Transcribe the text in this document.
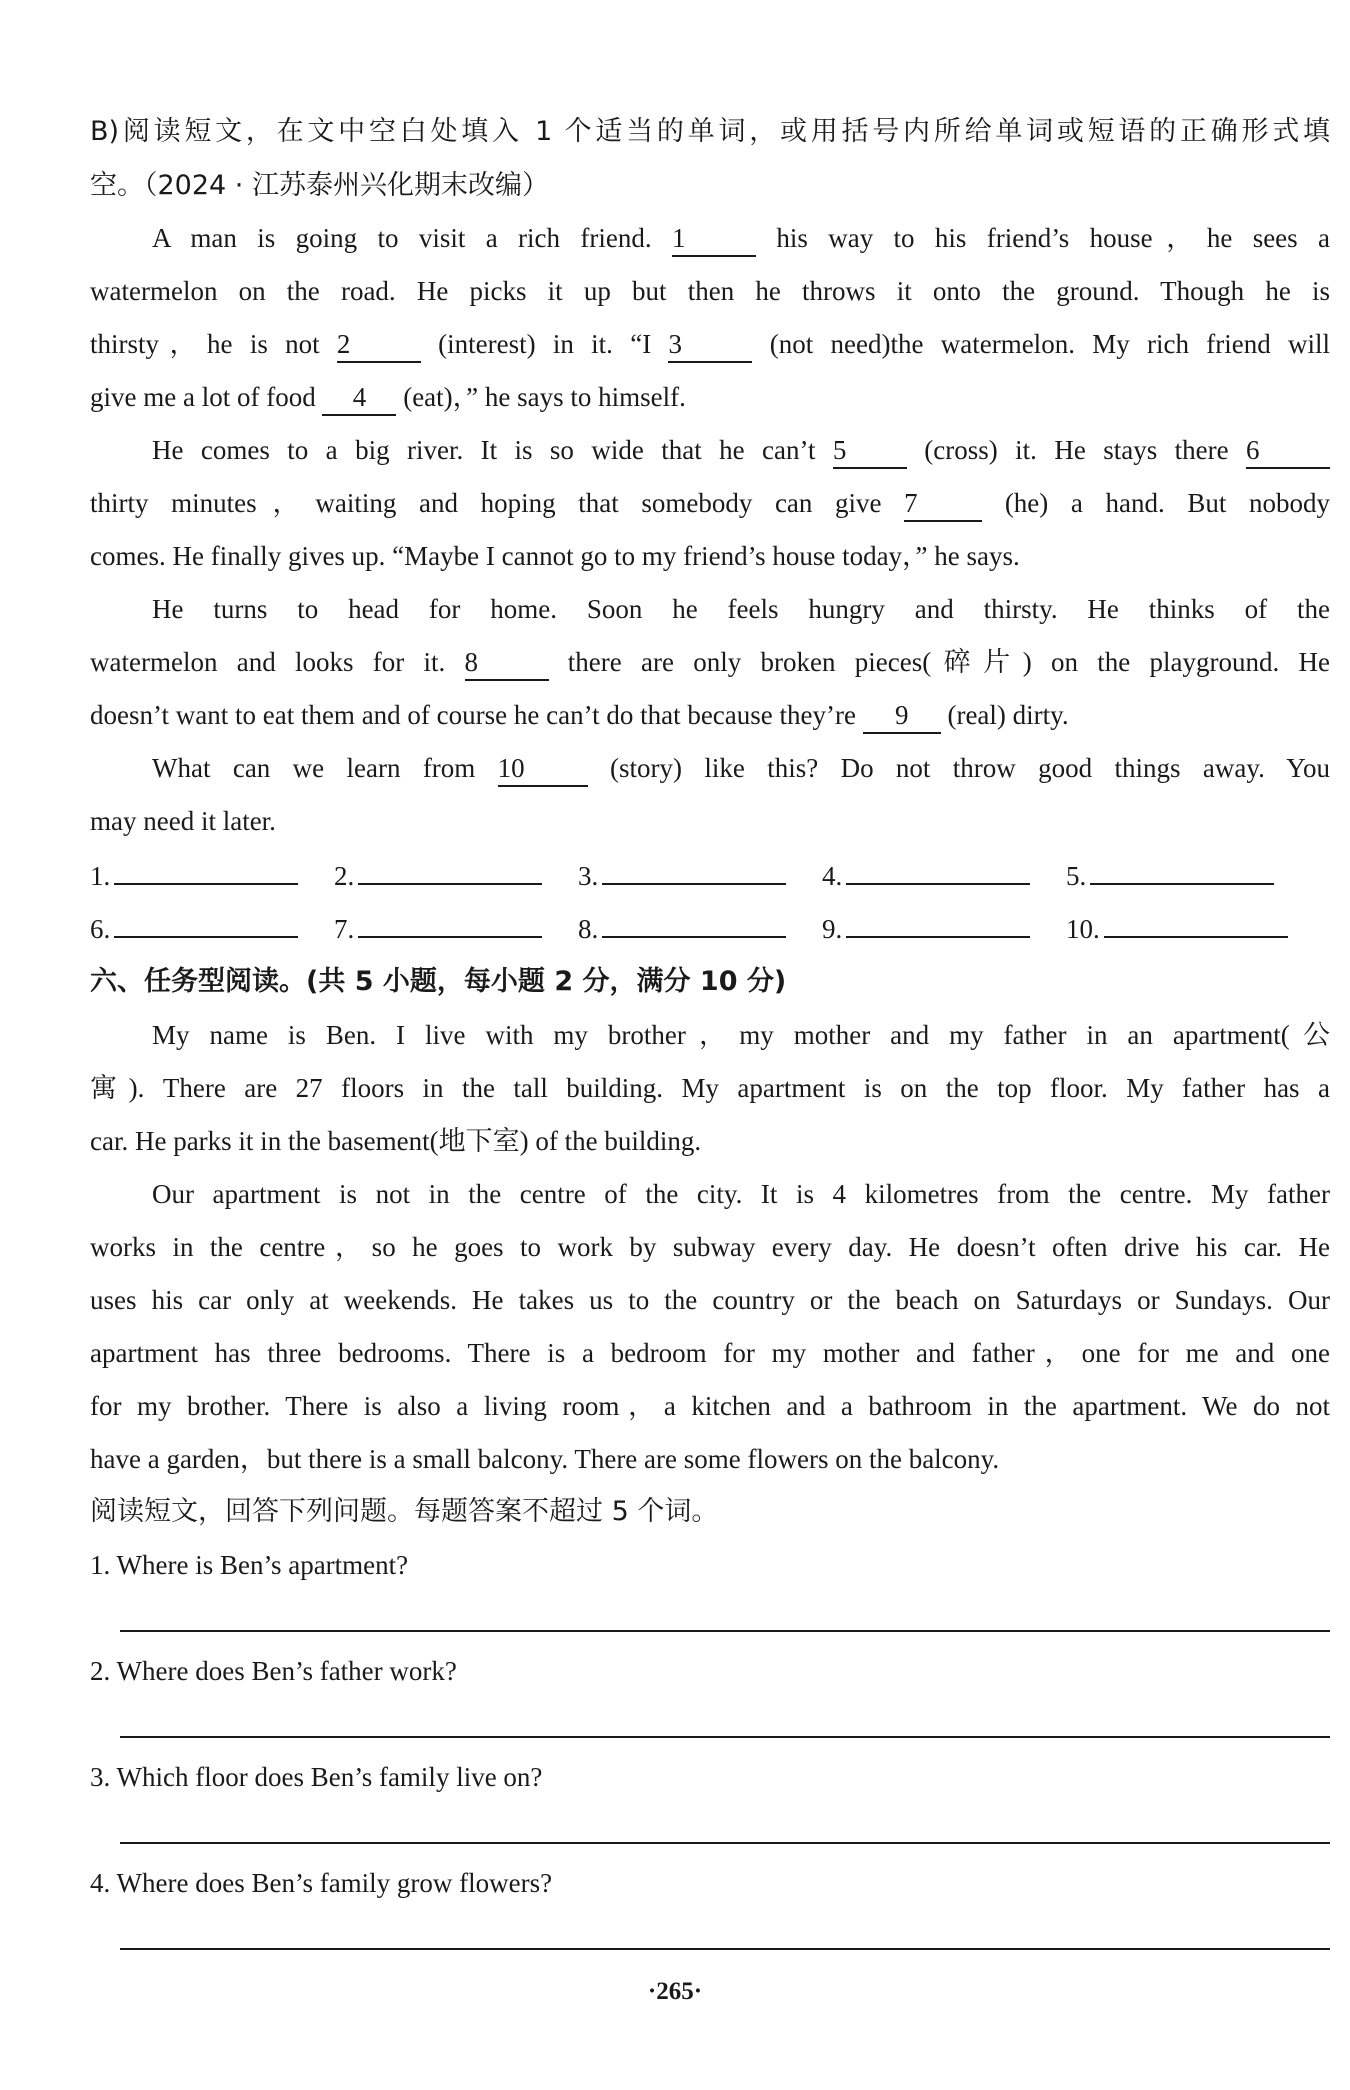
B)阅读短文，在文中空白处填入 1 个适当的单词，或用括号内所给单词或短语的正确形式填
空。（2024 · 江苏泰州兴化期末改编）
A man is going to visit a rich friend. 1	his way to his friend’s house，he sees a
watermelon on the road. He picks it up but then he throws it onto the ground. Though he is
thirsty，he is not 2	(interest) in it. “I 3	(not need)the watermelon. My rich friend will
give me a lot of food 4 (eat)，” he says to himself.
He comes to a big river. It is so wide that he can’t 5	(cross) it. He stays there 6
thirty minutes，waiting and hoping that somebody can give 7	(he) a hand. But nobody
comes. He finally gives up. “Maybe I cannot go to my friend’s house today，” he says.
He turns to head for home. Soon he feels hungry and thirsty. He thinks of the
watermelon and looks for it. 8	there are only broken pieces(碎片) on the playground. He
doesn’t want to eat them and of course he can’t do that because they’re 9 (real) dirty.
What can we learn from 10	(story) like this? Do not throw good things away. You
may need it later.
1.	2.	3.	4.	5.
6.	7.	8.	9.	10.
六、任务型阅读。(共 5 小题，每小题 2 分，满分 10 分)
My name is Ben. I live with my brother，my mother and my father in an apartment(公
寓). There are 27 floors in the tall building. My apartment is on the top floor. My father has a
car. He parks it in the basement(地下室) of the building.
Our apartment is not in the centre of the city. It is 4 kilometres from the centre. My father
works in the centre，so he goes to work by subway every day. He doesn’t often drive his car. He
uses his car only at weekends. He takes us to the country or the beach on Saturdays or Sundays. Our
apartment has three bedrooms. There is a bedroom for my mother and father，one for me and one
for my brother. There is also a living room，a kitchen and a bathroom in the apartment. We do not
have a garden，but there is a small balcony. There are some flowers on the balcony.
阅读短文，回答下列问题。每题答案不超过 5 个词。
1. Where is Ben’s apartment?
2. Where does Ben’s father work?
3. Which floor does Ben’s family live on?
4. Where does Ben’s family grow flowers?
·265·
